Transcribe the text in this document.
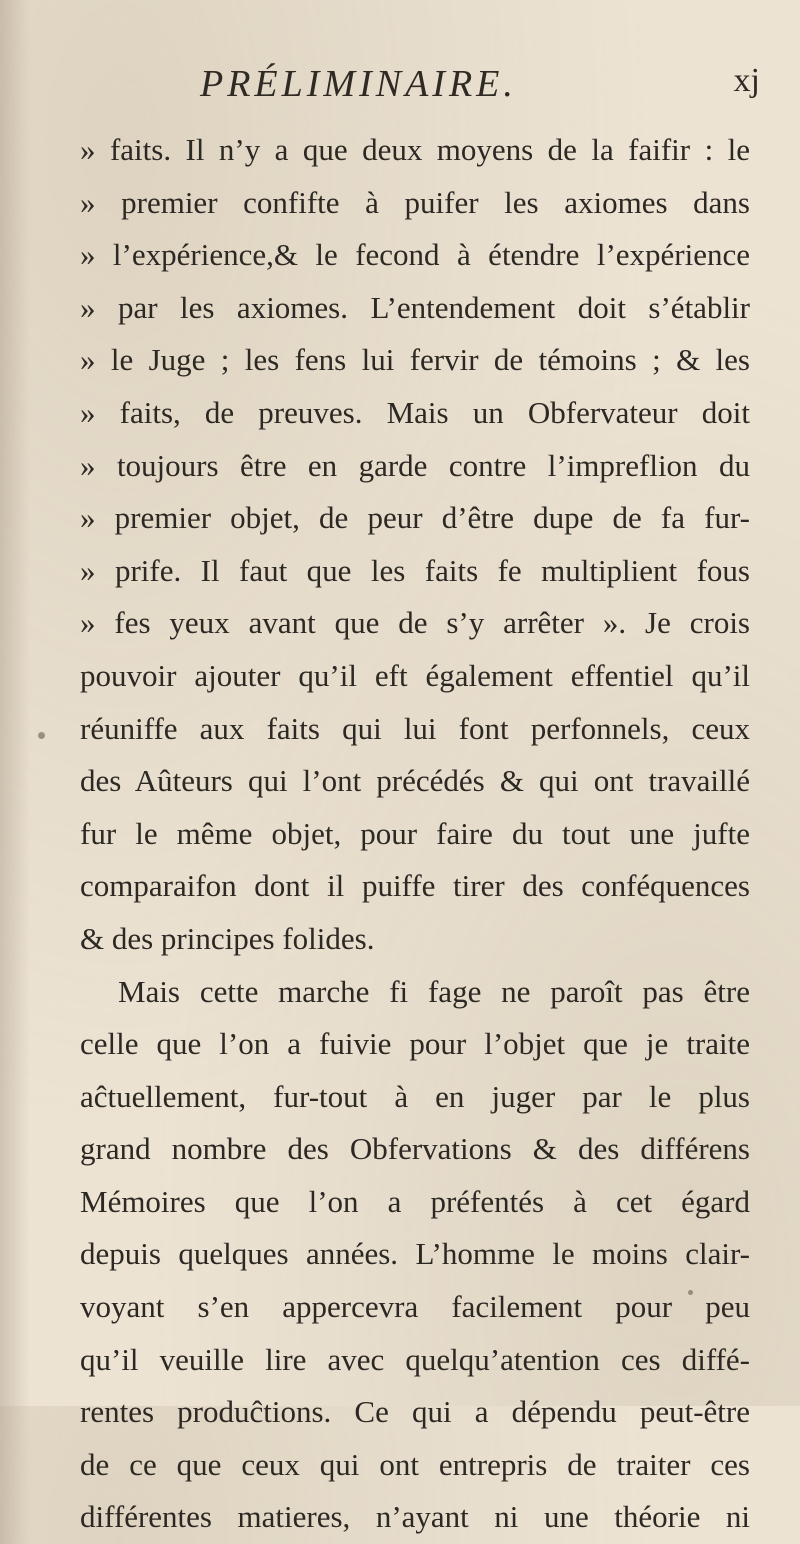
PRÉLIMINAIRE.	xj
» faits. Il n’y a que deux moyens de la faifir : le
» premier confifte à puifer les axiomes dans
» l’expérience,& le fecond à étendre l’expérience
» par les axiomes. L’entendement doit s’établir
» le Juge ; les fens lui fervir de témoins ; & les
» faits, de preuves. Mais un Obfervateur doit
» toujours être en garde contre l’impreflion du
» premier objet, de peur d’être dupe de fa fur-
» prife. Il faut que les faits fe multiplient fous
» fes yeux avant que de s’y arrêter ». Je crois
pouvoir ajouter qu’il eft également effentiel qu’il
réuniffe aux faits qui lui font perfonnels, ceux
des Aûteurs qui l’ont précédés & qui ont travaillé
fur le même objet, pour faire du tout une jufte
comparaifon dont il puiffe tirer des conféquences
& des principes folides.
Mais cette marche fi fage ne paroît pas être
celle que l’on a fuivie pour l’objet que je traite
aĉtuellement, fur-tout à en juger par le plus
grand nombre des Obfervations & des différens
Mémoires que l’on a préfentés à cet égard
depuis quelques années. L’homme le moins clair-
voyant s’en appercevra facilement pour peu
qu’il veuille lire avec quelqu’atention ces diffé-
rentes produĉtions. Ce qui a dépendu peut-être
de ce que ceux qui ont entrepris de traiter ces
différentes matieres, n’ayant ni une théorie ni
